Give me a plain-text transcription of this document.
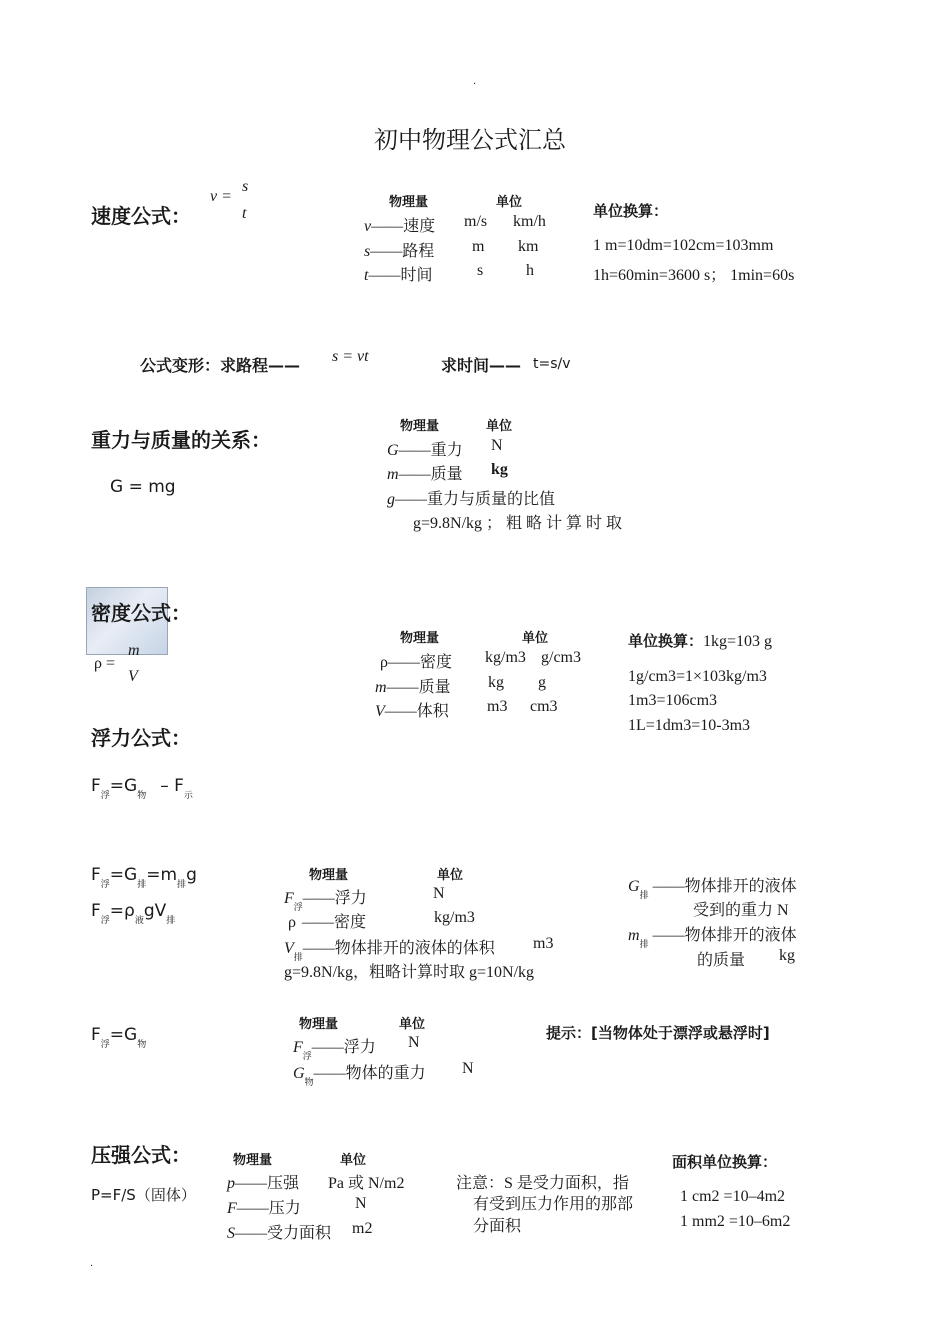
.
.
初中物理公式汇总
速度公式：
v =
s
t
物理量	单位
v——速度 m/s km/h
s——路程 m km
t——时间	s	h
单位换算：
1 m=10dm=102cm=103mm
1h=60min=3600 s； 1min=60s
公式变形：求路程—— s = vt	求时间—— t=s/v
重力与质量的关系：
G = mg
物理量	单位
G——重力 N
m——质量 kg
g——重力与质量的比值
g=9.8N/kg ； 粗 略 计 算 时 取
密度公式：
ρ =
m
V
物理量	单位
ρ——密度 kg/m3 g/cm3
m——质量 kg g
V——体积 m3 cm3
单位换算：1kg=103 g
1g/cm3=1×103kg/m3
1m3=106cm3
1L=1dm3=10-3m3
浮力公式：
$F_浮=G_物 - F_示$
$F_浮=G_排=m_排g$
$F_浮=\rho_液gV_排$
物理量	单位
$F_浮——$浮力	N
ρ ——密度	kg/m3
$V_排——$物体排开的液体的体积 m3
g=9.8N/kg，粗略计算时取 g=10N/kg
$G_排$ ——物体排开的液体
受到的重力 N
$m_排$ ——物体排开的液体
的质量 kg
$F_浮=G_物$
物理量	单位
$F_浮——$浮力 N
$G_物——$物体的重力 N
提示：[当物体处于漂浮或悬浮时]
压强公式：
P=F/S（固体）
物理量	单位
p——压强 Pa 或 N/m2
F——压力	N
S——受力面积 m2
注意：S 是受力面积，指
有受到压力作用的那部
分面积
面积单位换算：
1 cm2 =10–4m2
1 mm2 =10–6m2
